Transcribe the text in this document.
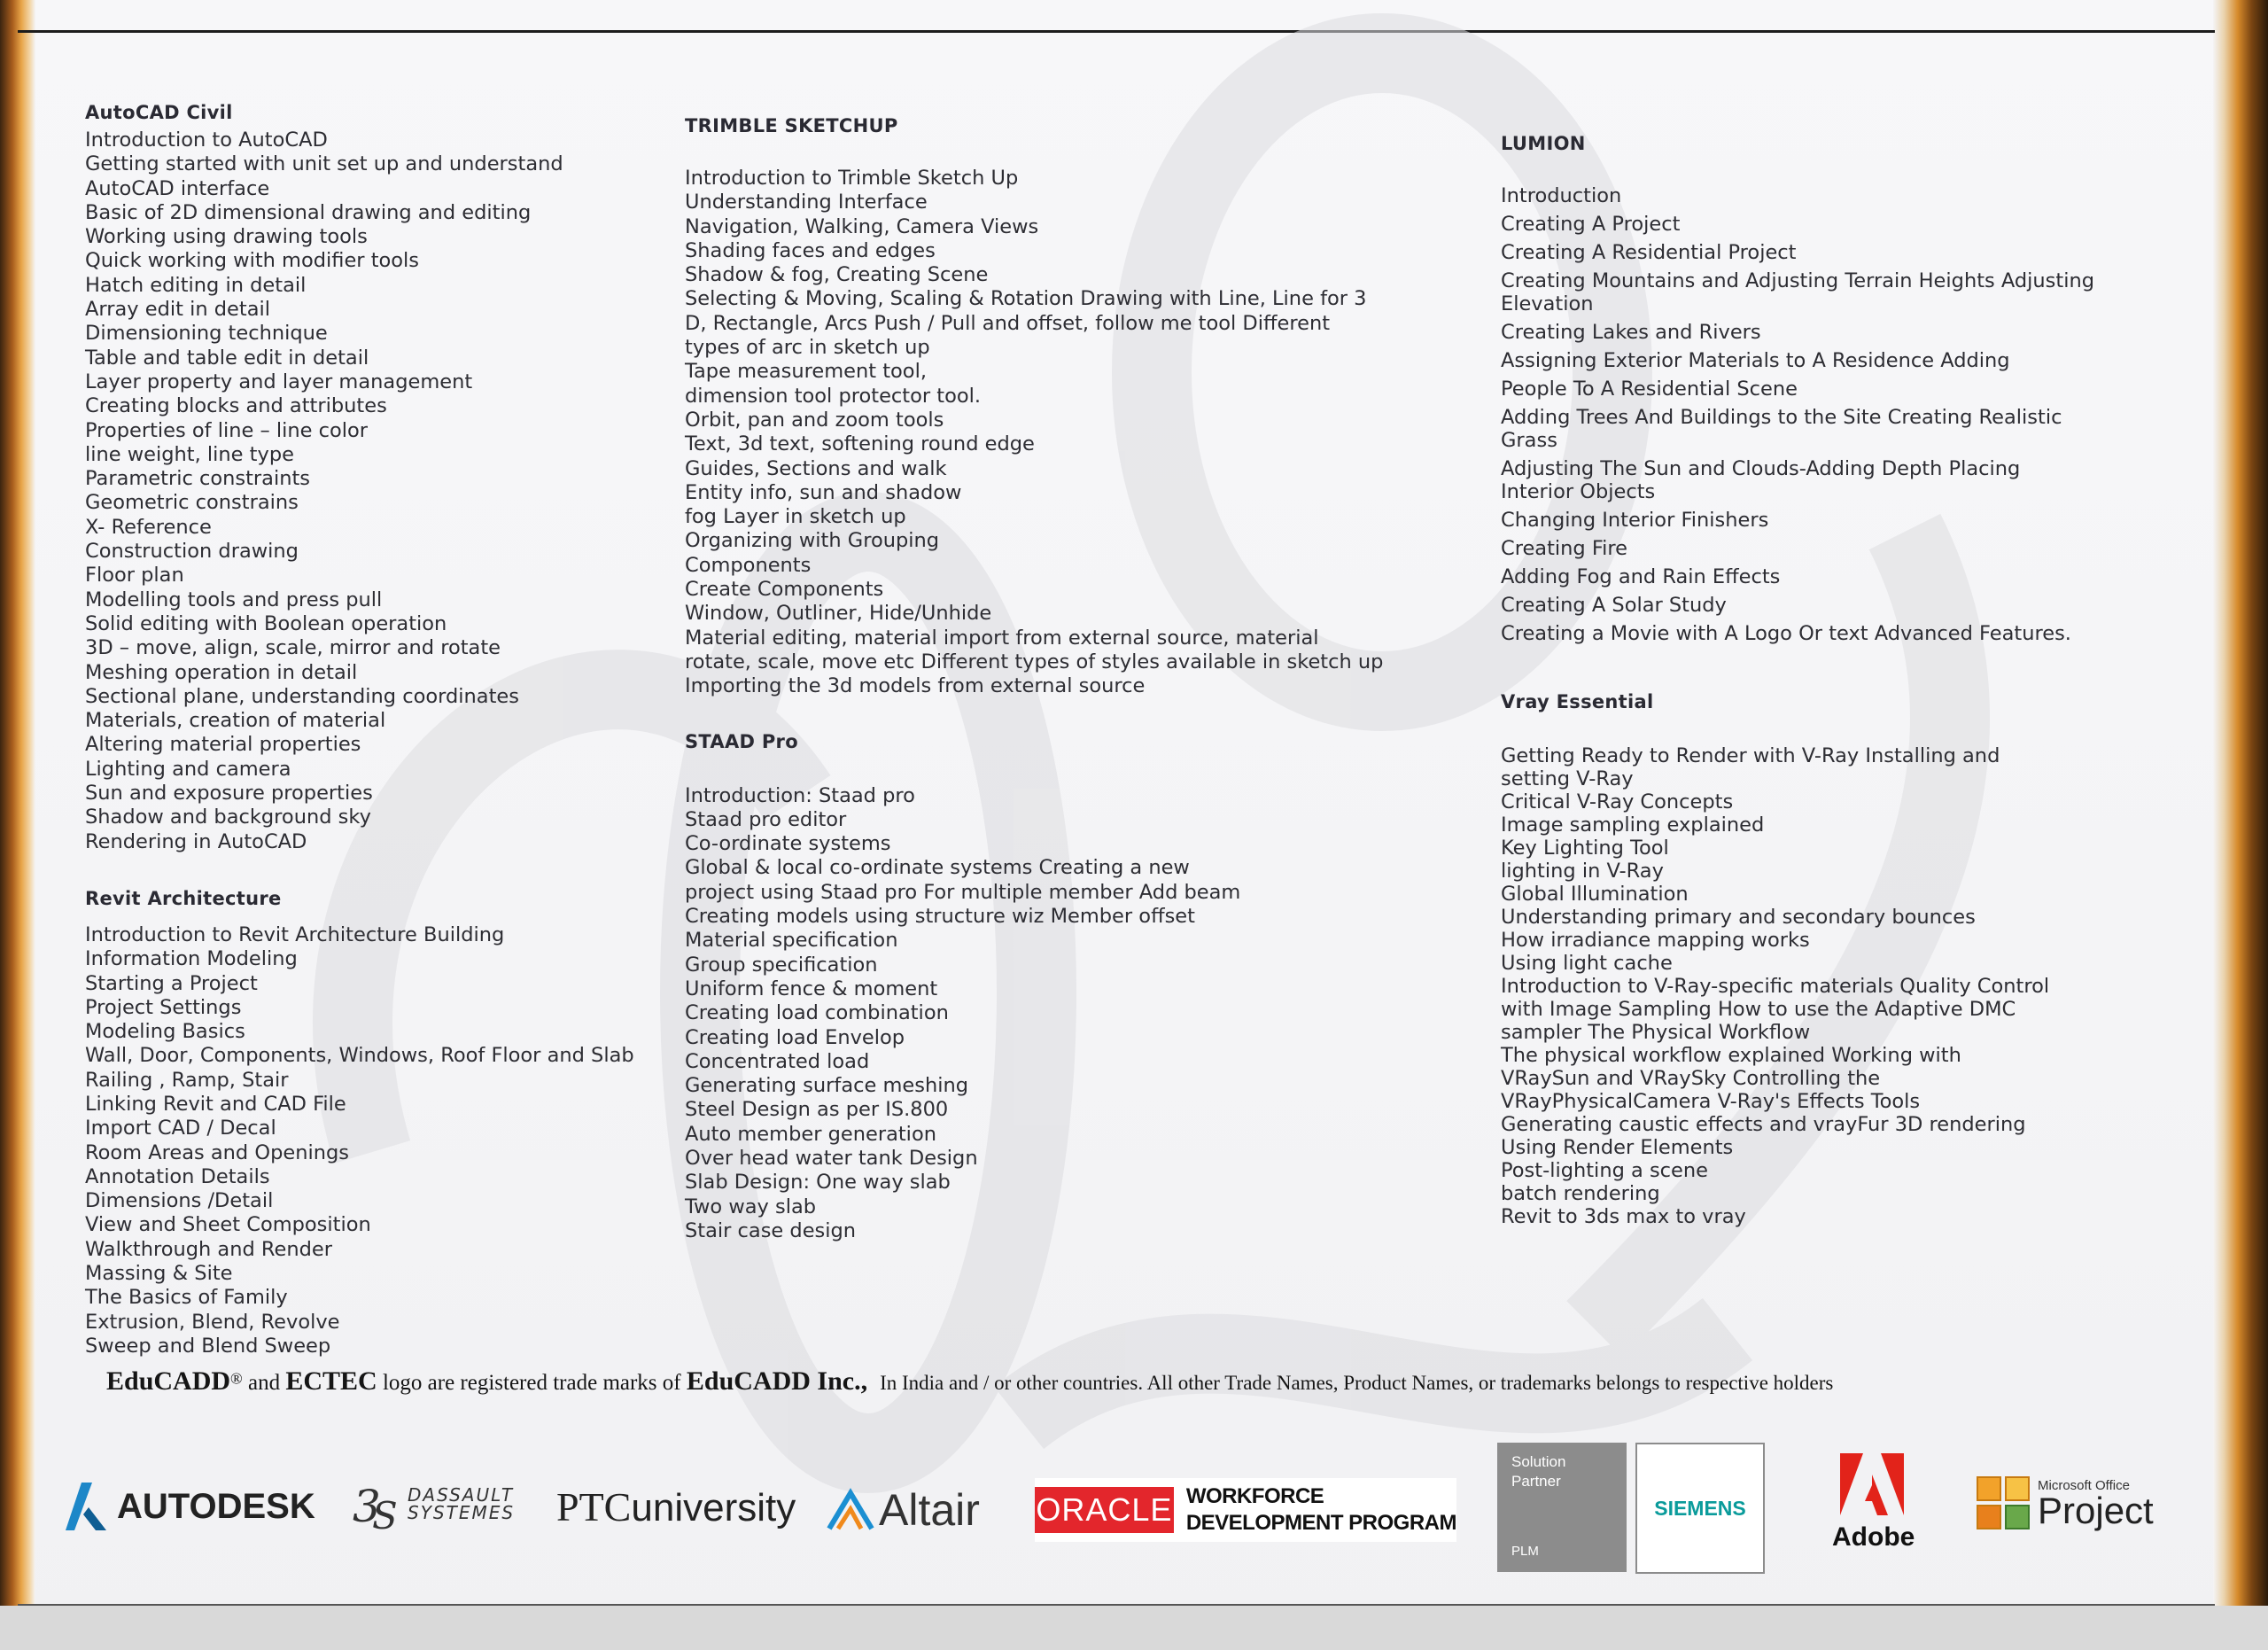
AutoCAD Civil
Introduction to AutoCAD
Getting started with unit set up and understand
AutoCAD interface
Basic of 2D dimensional drawing and editing
Working using drawing tools
Quick working with modifier tools
Hatch editing in detail
Array edit in detail
Dimensioning technique
Table and table edit in detail
Layer property and layer management
Creating blocks and attributes
Properties of line – line color
line weight, line type
Parametric constraints
Geometric constrains
X- Reference
Construction drawing
Floor plan
Modelling tools and press pull
Solid editing with Boolean operation
3D – move, align, scale, mirror and rotate
Meshing operation in detail
Sectional plane, understanding coordinates
Materials, creation of material
Altering material properties
Lighting and camera
Sun and exposure properties
Shadow and background sky
Rendering in AutoCAD
Revit Architecture
Introduction to Revit Architecture Building
Information Modeling
Starting a Project
Project Settings
Modeling Basics
Wall, Door, Components, Windows, Roof Floor and Slab
Railing , Ramp, Stair
Linking Revit and CAD File
Import CAD / Decal
Room Areas and Openings
Annotation Details
Dimensions /Detail
View and Sheet Composition
Walkthrough and Render
Massing & Site
The Basics of Family
Extrusion, Blend, Revolve
Sweep and Blend Sweep
TRIMBLE SKETCHUP
Introduction to Trimble Sketch Up
Understanding Interface
Navigation, Walking, Camera Views
Shading faces and edges
Shadow & fog, Creating Scene
Selecting & Moving, Scaling & Rotation Drawing with Line, Line for 3
D, Rectangle, Arcs Push / Pull and offset, follow me tool Different
types of arc in sketch up
Tape measurement tool,
dimension tool protector tool.
Orbit, pan and zoom tools
Text, 3d text, softening round edge
Guides, Sections and walk
Entity info, sun and shadow
fog Layer in sketch up
Organizing with Grouping
Components
Create Components
Window, Outliner, Hide/Unhide
Material editing, material import from external source, material
rotate, scale, move etc Different types of styles available in sketch up
Importing the 3d models from external source
STAAD Pro
Introduction: Staad pro
Staad pro editor
Co-ordinate systems
Global & local co-ordinate systems Creating a new
project using Staad pro For multiple member Add beam
Creating models using structure wiz Member offset
Material specification
Group specification
Uniform fence & moment
Creating load combination
Creating load Envelop
Concentrated load
Generating surface meshing
Steel Design as per IS.800
Auto member generation
Over head water tank Design
Slab Design: One way slab
Two way slab
Stair case design
LUMION
Introduction
Creating A Project
Creating A Residential Project
Creating Mountains and Adjusting Terrain Heights Adjusting
Elevation
Creating Lakes and Rivers
Assigning Exterior Materials to A Residence Adding
People To A Residential Scene
Adding Trees And Buildings to the Site Creating Realistic
Grass
Adjusting The Sun and Clouds-Adding Depth Placing
Interior Objects
Changing Interior Finishers
Creating Fire
Adding Fog and Rain Effects
Creating A Solar Study
Creating a Movie with A Logo Or text Advanced Features.
Vray Essential
Getting Ready to Render with V-Ray Installing and
setting V-Ray
Critical V-Ray Concepts
Image sampling explained
Key Lighting Tool
lighting in V-Ray
Global Illumination
Understanding primary and secondary bounces
How irradiance mapping works
Using light cache
Introduction to V-Ray-specific materials Quality Control
with Image Sampling How to use the Adaptive DMC
sampler The Physical Workflow
The physical workflow explained Working with
VRaySun and VRaySky Controlling the
VRayPhysicalCamera V-Ray's Effects Tools
Generating caustic effects and vrayFur 3D rendering
Using Render Elements
Post-lighting a scene
batch rendering
Revit to 3ds max to vray
EduCADD® and ECTEC logo are registered trade marks of EduCADD Inc., In India and / or other countries. All other Trade Names, Product Names, or trademarks belongs to respective holders
AUTODESK 3
S DASSAULT
SYSTEMES PTCuniversity Altair ORACLE WORKFORCE
DEVELOPMENT PROGRAM
Solution
Partner
PLM
SIEMENS
Adobe
Microsoft Office
Project
